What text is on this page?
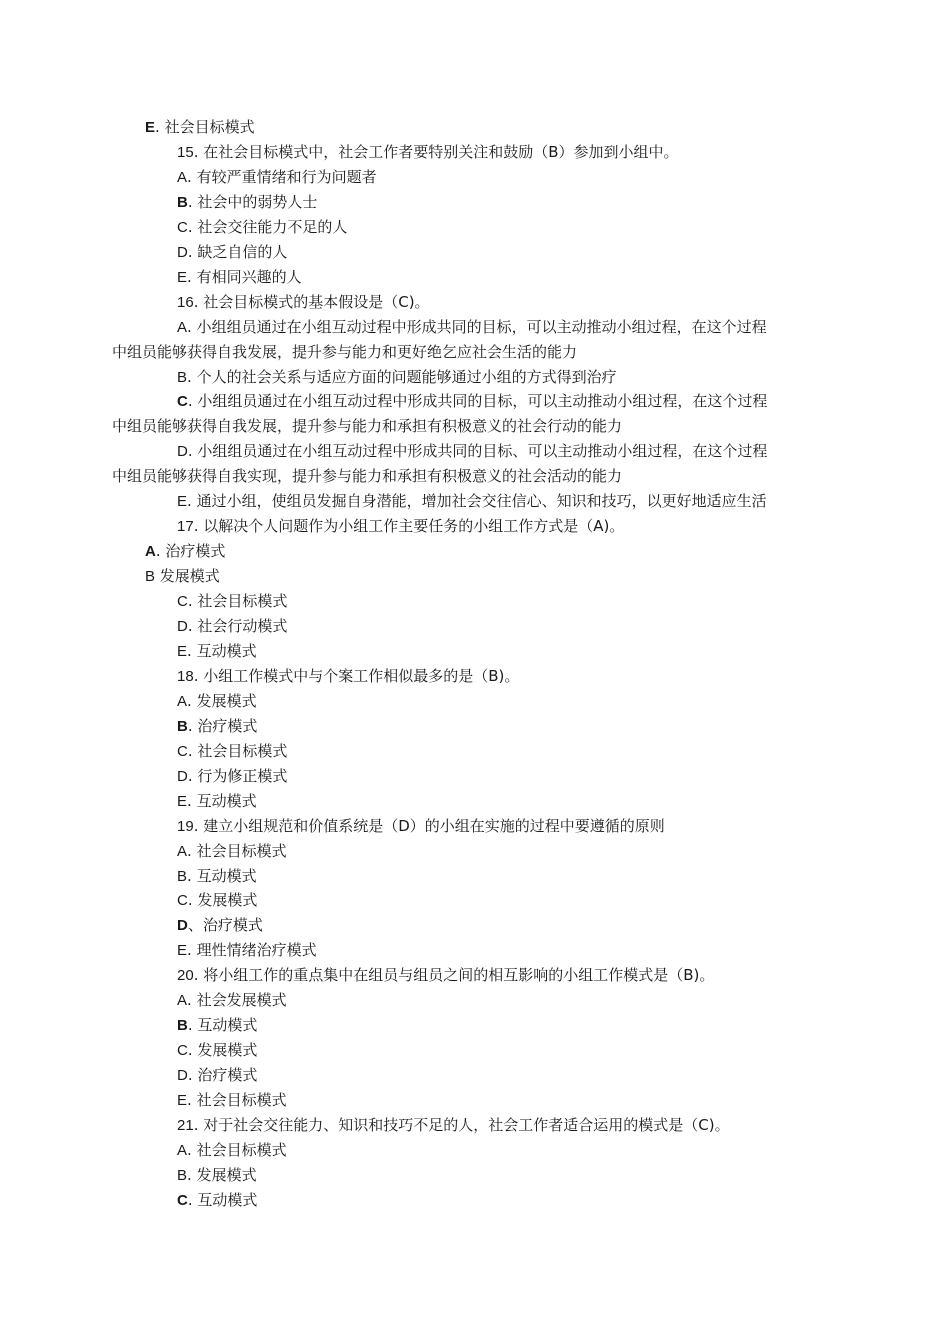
E. 社会目标模式
15. 在社会目标模式中，社会工作者要特别关注和鼓励（B）参加到小组中。
A. 有较严重情绪和行为问题者
B. 社会中的弱势人士
C. 社会交往能力不足的人
D. 缺乏自信的人
E. 有相同兴趣的人
16. 社会目标模式的基本假设是（C)。
A. 小组组员通过在小组互动过程中形成共同的目标，可以主动推动小组过程，在这个过程
中组员能够获得自我发展，提升参与能力和更好绝乞应社会生活的能力
B. 个人的社会关系与适应方面的问题能够通过小组的方式得到治疗
C. 小组组员通过在小组互动过程中形成共同的目标，可以主动推动小组过程，在这个过程
中组员能够获得自我发展，提升参与能力和承担有积极意义的社会行动的能力
D. 小组组员通过在小组互动过程中形成共同的目标、可以主动推动小组过程，在这个过程
中组员能够获得自我实现，提升参与能力和承担有积极意义的社会活动的能力
E. 通过小组，使组员发掘自身潜能，增加社会交往信心、知识和技巧，以更好地适应生活
17. 以解决个人问题作为小组工作主要任务的小组工作方式是（A)。
A. 治疗模式
B 发展模式
C. 社会目标模式
D. 社会行动模式
E. 互动模式
18. 小组工作模式中与个案工作相似最多的是（B)。
A. 发展模式
B. 治疗模式
C. 社会目标模式
D. 行为修正模式
E. 互动模式
19. 建立小组规范和价值系统是（D）的小组在实施的过程中要遵循的原则
A. 社会目标模式
B. 互动模式
C. 发展模式
D、治疗模式
E. 理性情绪治疗模式
20. 将小组工作的重点集中在组员与组员之间的相互影响的小组工作模式是（B)。
A. 社会发展模式
B. 互动模式
C. 发展模式
D. 治疗模式
E. 社会目标模式
21. 对于社会交往能力、知识和技巧不足的人，社会工作者适合运用的模式是（C)。
A. 社会目标模式
B. 发展模式
C. 互动模式
